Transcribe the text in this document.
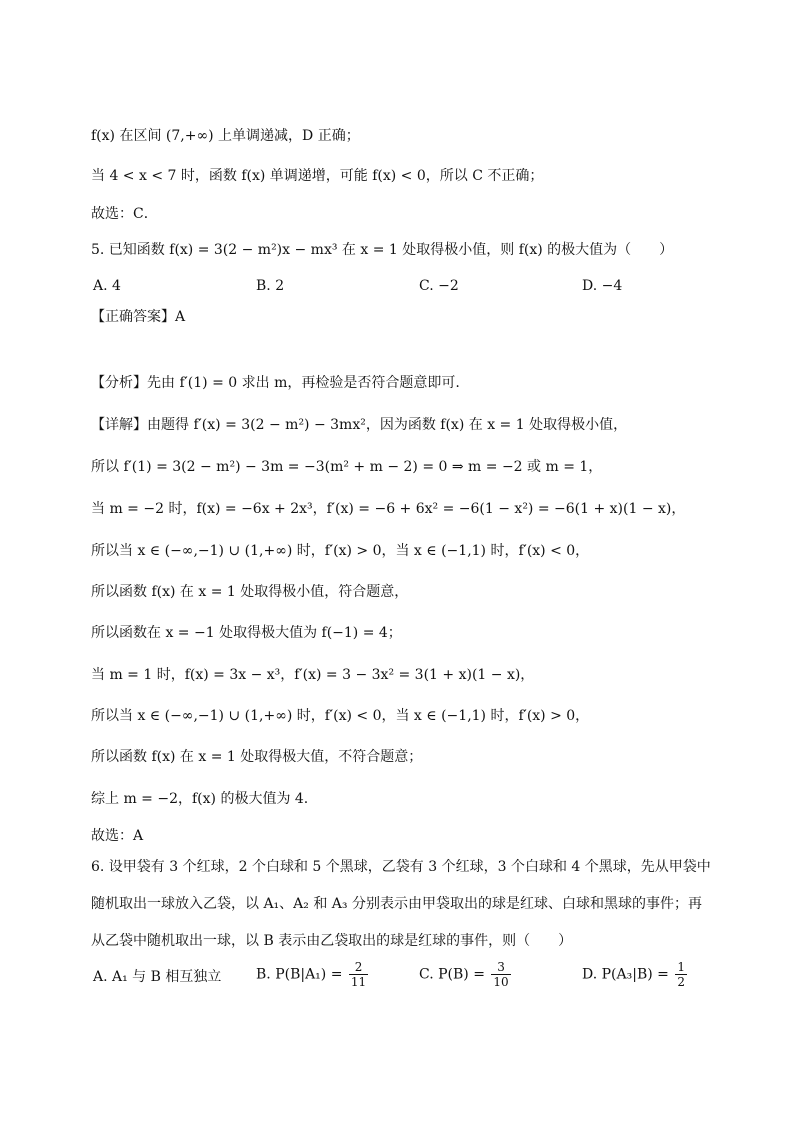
f(x) 在区间 (7,+∞) 上单调递减，D 正确；
当 4 < x < 7 时，函数 f(x) 单调递增，可能 f(x) < 0，所以 C 不正确；
故选：C．
5. 已知函数 f(x) = 3(2 − m²)x − mx³ 在 x = 1 处取得极小值，则 f(x) 的极大值为（　　）
A. 4	B. 2	C. −2	D. −4
【正确答案】A
【分析】先由 f′(1) = 0 求出 m，再检验是否符合题意即可.
【详解】由题得 f′(x) = 3(2 − m²) − 3mx²，因为函数 f(x) 在 x = 1 处取得极小值，
所以 f′(1) = 3(2 − m²) − 3m = −3(m² + m − 2) = 0 ⇒ m = −2 或 m = 1，
当 m = −2 时，f(x) = −6x + 2x³，f′(x) = −6 + 6x² = −6(1 − x²) = −6(1 + x)(1 − x)，
所以当 x ∈ (−∞,−1) ∪ (1,+∞) 时，f′(x) > 0，当 x ∈ (−1,1) 时，f′(x) < 0，
所以函数 f(x) 在 x = 1 处取得极小值，符合题意，
所以函数在 x = −1 处取得极大值为 f(−1) = 4；
当 m = 1 时，f(x) = 3x − x³，f′(x) = 3 − 3x² = 3(1 + x)(1 − x)，
所以当 x ∈ (−∞,−1) ∪ (1,+∞) 时，f′(x) < 0，当 x ∈ (−1,1) 时，f′(x) > 0，
所以函数 f(x) 在 x = 1 处取得极大值，不符合题意；
综上 m = −2，f(x) 的极大值为 4.
故选：A
6. 设甲袋有 3 个红球，2 个白球和 5 个黑球，乙袋有 3 个红球，3 个白球和 4 个黑球，先从甲袋中
随机取出一球放入乙袋，以 A₁、A₂ 和 A₃ 分别表示由甲袋取出的球是红球、白球和黑球的事件；再
从乙袋中随机取出一球，以 B 表示由乙袋取出的球是红球的事件，则（　　）
A. A₁ 与 B 相互独立 B. $P(B|A_1) = \frac{2}{11}$	C. $P(B) = \frac{3}{10}$	D. $P(A_3|B) = \frac{1}{2}$
